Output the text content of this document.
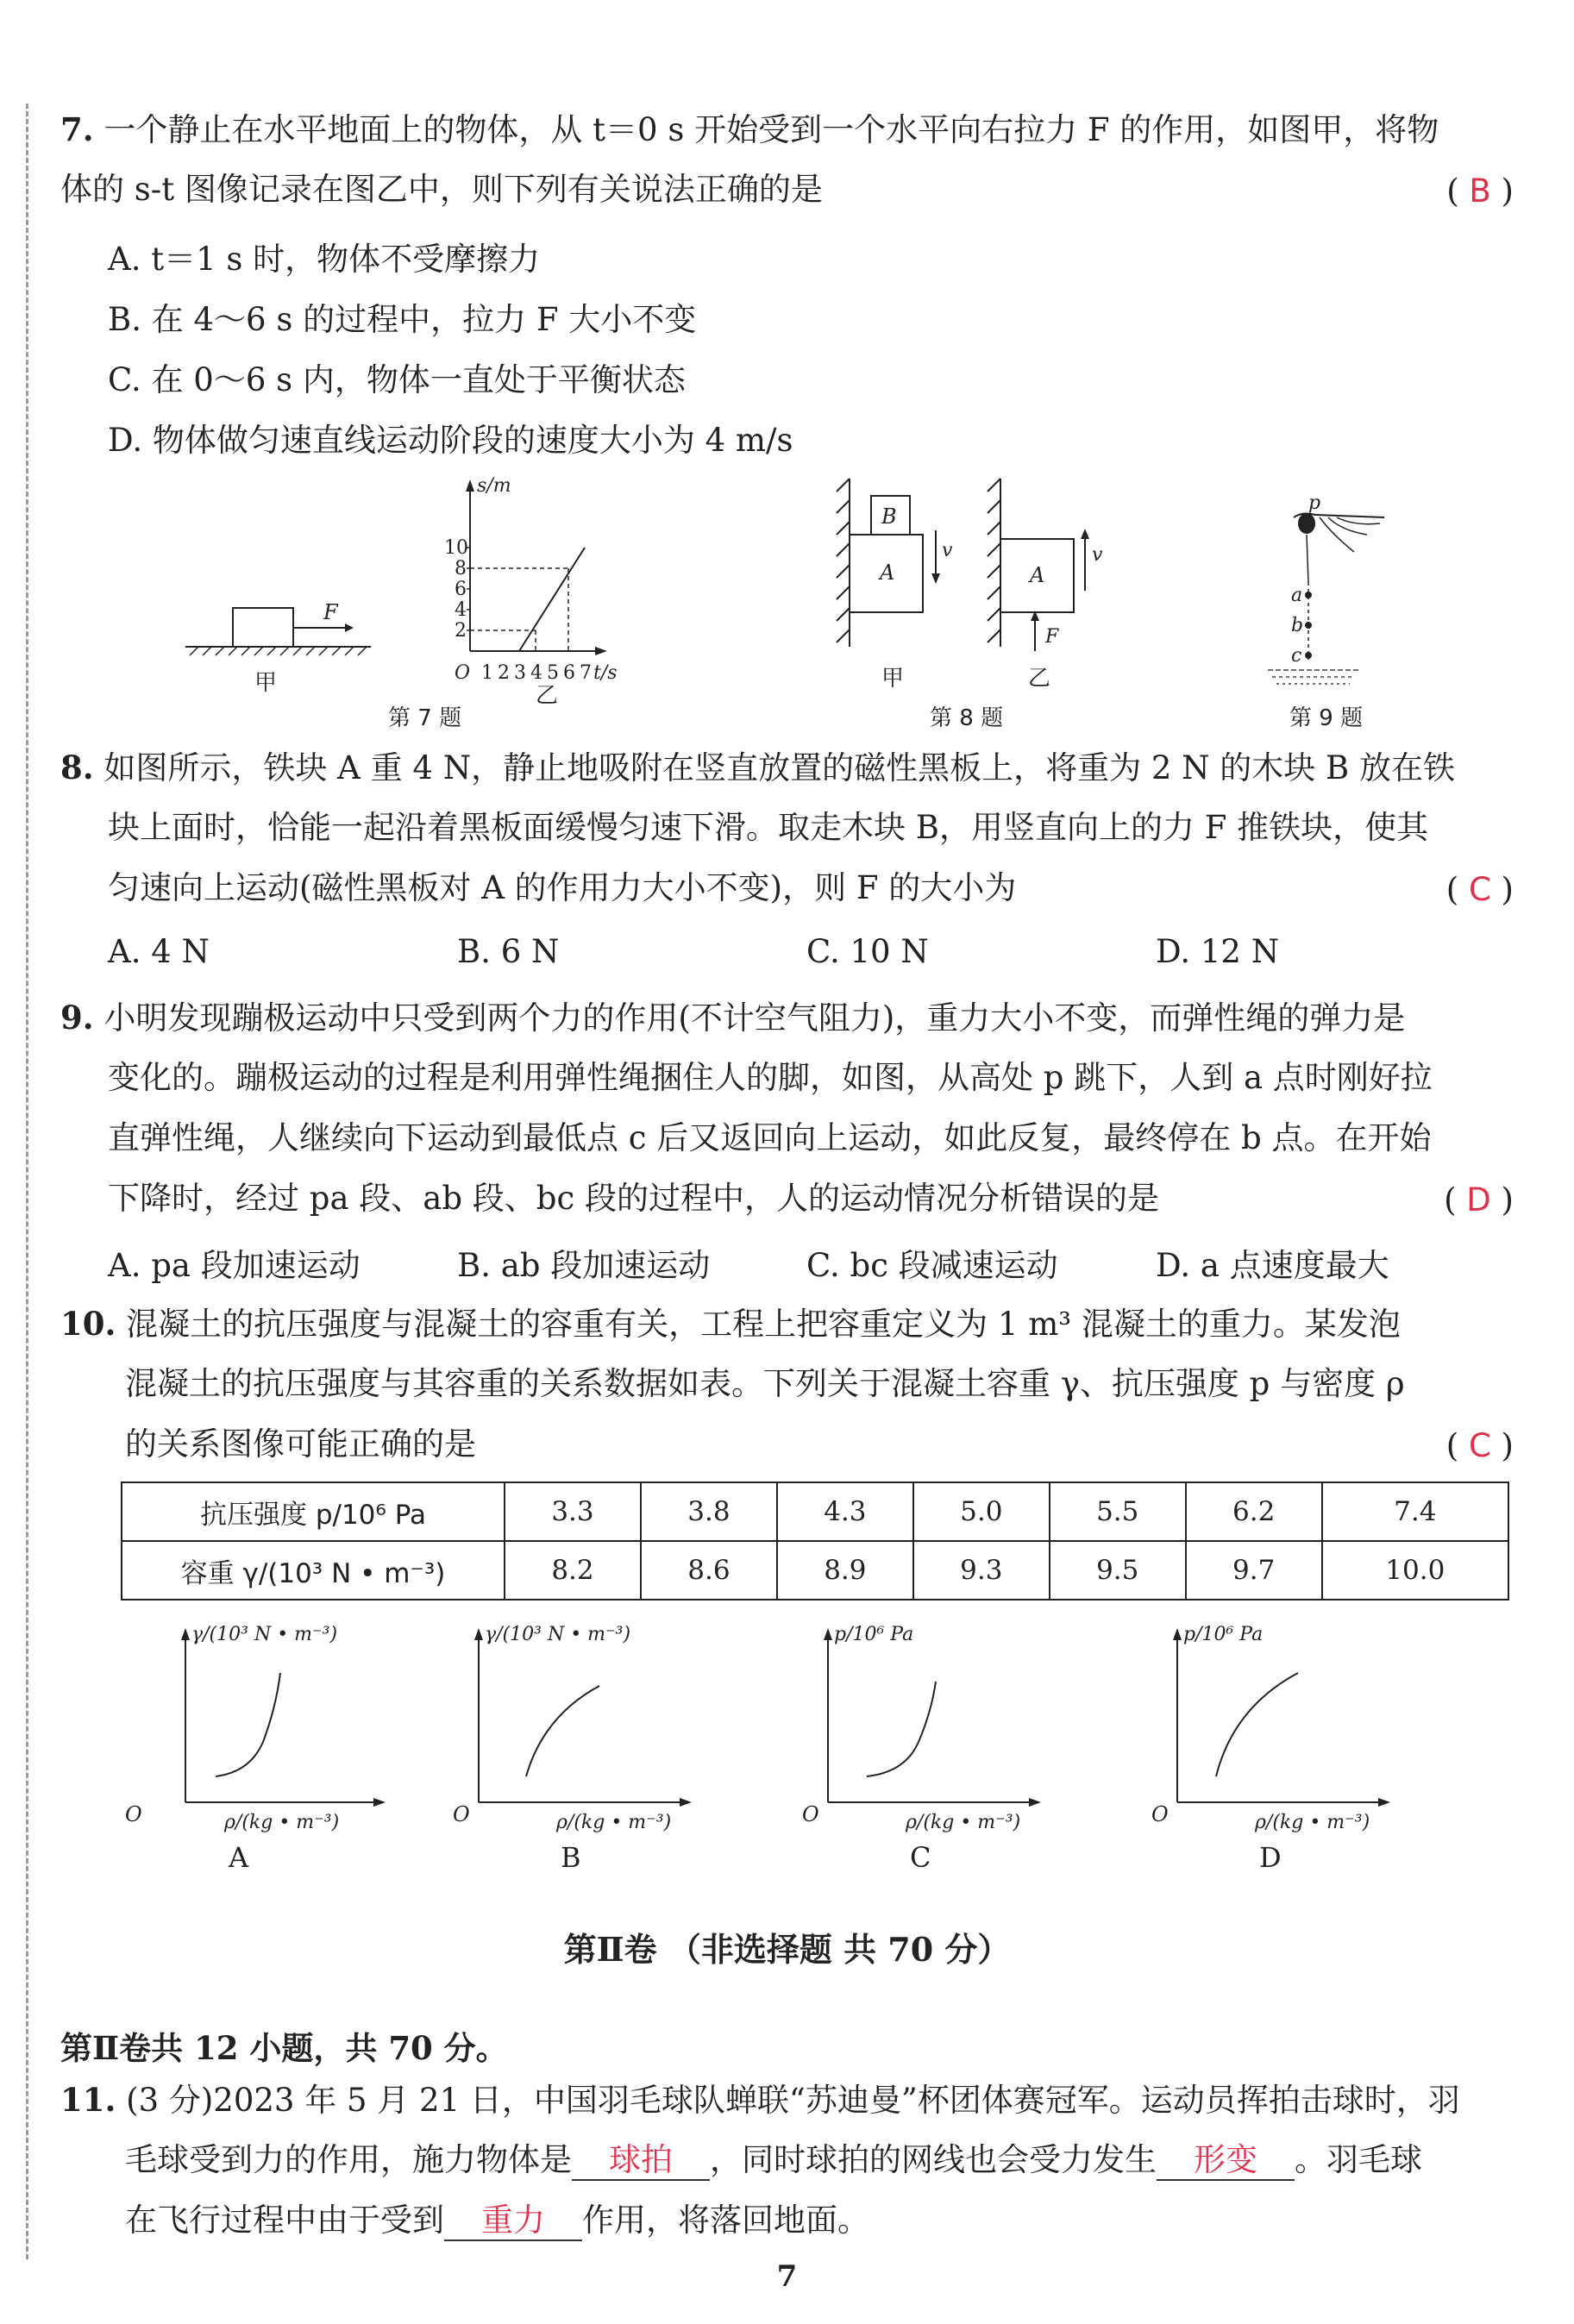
7. 一个静止在水平地面上的物体，从 t＝0 s 开始受到一个水平向右拉力 F 的作用，如图甲，将物
体的 s-t 图像记录在图乙中，则下列有关说法正确的是	( B )
A. t＝1 s 时，物体不受摩擦力
B. 在 4～6 s 的过程中，拉力 F 大小不变
C. 在 0～6 s 内，物体一直处于平衡状态
D. 物体做匀速直线运动阶段的速度大小为 4 m/s
F
甲
s/m
t/s
O 1 2 3 4 5 6 7
2
4
6
8
10
乙
第 7 题
B
A
v
A
v
F
甲	乙
第 8 题
p
a
b
c
第 9 题
8. 如图所示，铁块 A 重 4 N，静止地吸附在竖直放置的磁性黑板上，将重为 2 N 的木块 B 放在铁
块上面时，恰能一起沿着黑板面缓慢匀速下滑。取走木块 B，用竖直向上的力 F 推铁块，使其
匀速向上运动(磁性黑板对 A 的作用力大小不变)，则 F 的大小为	( C )
A. 4 N	B. 6 N	C. 10 N	D. 12 N
9. 小明发现蹦极运动中只受到两个力的作用(不计空气阻力)，重力大小不变，而弹性绳的弹力是
变化的。蹦极运动的过程是利用弹性绳捆住人的脚，如图，从高处 p 跳下，人到 a 点时刚好拉
直弹性绳，人继续向下运动到最低点 c 后又返回向上运动，如此反复，最终停在 b 点。在开始
下降时，经过 pa 段、ab 段、bc 段的过程中，人的运动情况分析错误的是	( D )
A. pa 段加速运动	B. ab 段加速运动	C. bc 段减速运动	D. a 点速度最大
10. 混凝土的抗压强度与混凝土的容重有关，工程上把容重定义为 1 m³ 混凝土的重力。某发泡
混凝土的抗压强度与其容重的关系数据如表。下列关于混凝土容重 γ、抗压强度 p 与密度 ρ
的关系图像可能正确的是	( C )
抗压强度 p/10⁶ Pa	3.3	3.8	4.3	5.0	5.5	6.2	7.4
容重 γ/(10³ N • m⁻³)	8.2	8.6	8.9	9.3	9.5	9.7	10.0
γ/(10³ N • m⁻³)
O	ρ/(kg • m⁻³)
A
γ/(10³ N • m⁻³)
O	ρ/(kg • m⁻³)
B
p/10⁶ Pa
O	ρ/(kg • m⁻³)
C
p/10⁶ Pa
O	ρ/(kg • m⁻³)
D
第Ⅱ卷 （非选择题 共 70 分）
第Ⅱ卷共 12 小题，共 70 分。
11. (3 分)2023 年 5 月 21 日，中国羽毛球队蝉联“苏迪曼”杯团体赛冠军。运动员挥拍击球时，羽
毛球受到力的作用，施力物体是 球拍 ，同时球拍的网线也会受力发生 形变 。羽毛球
在飞行过程中由于受到 重力 作用，将落回地面。
7
